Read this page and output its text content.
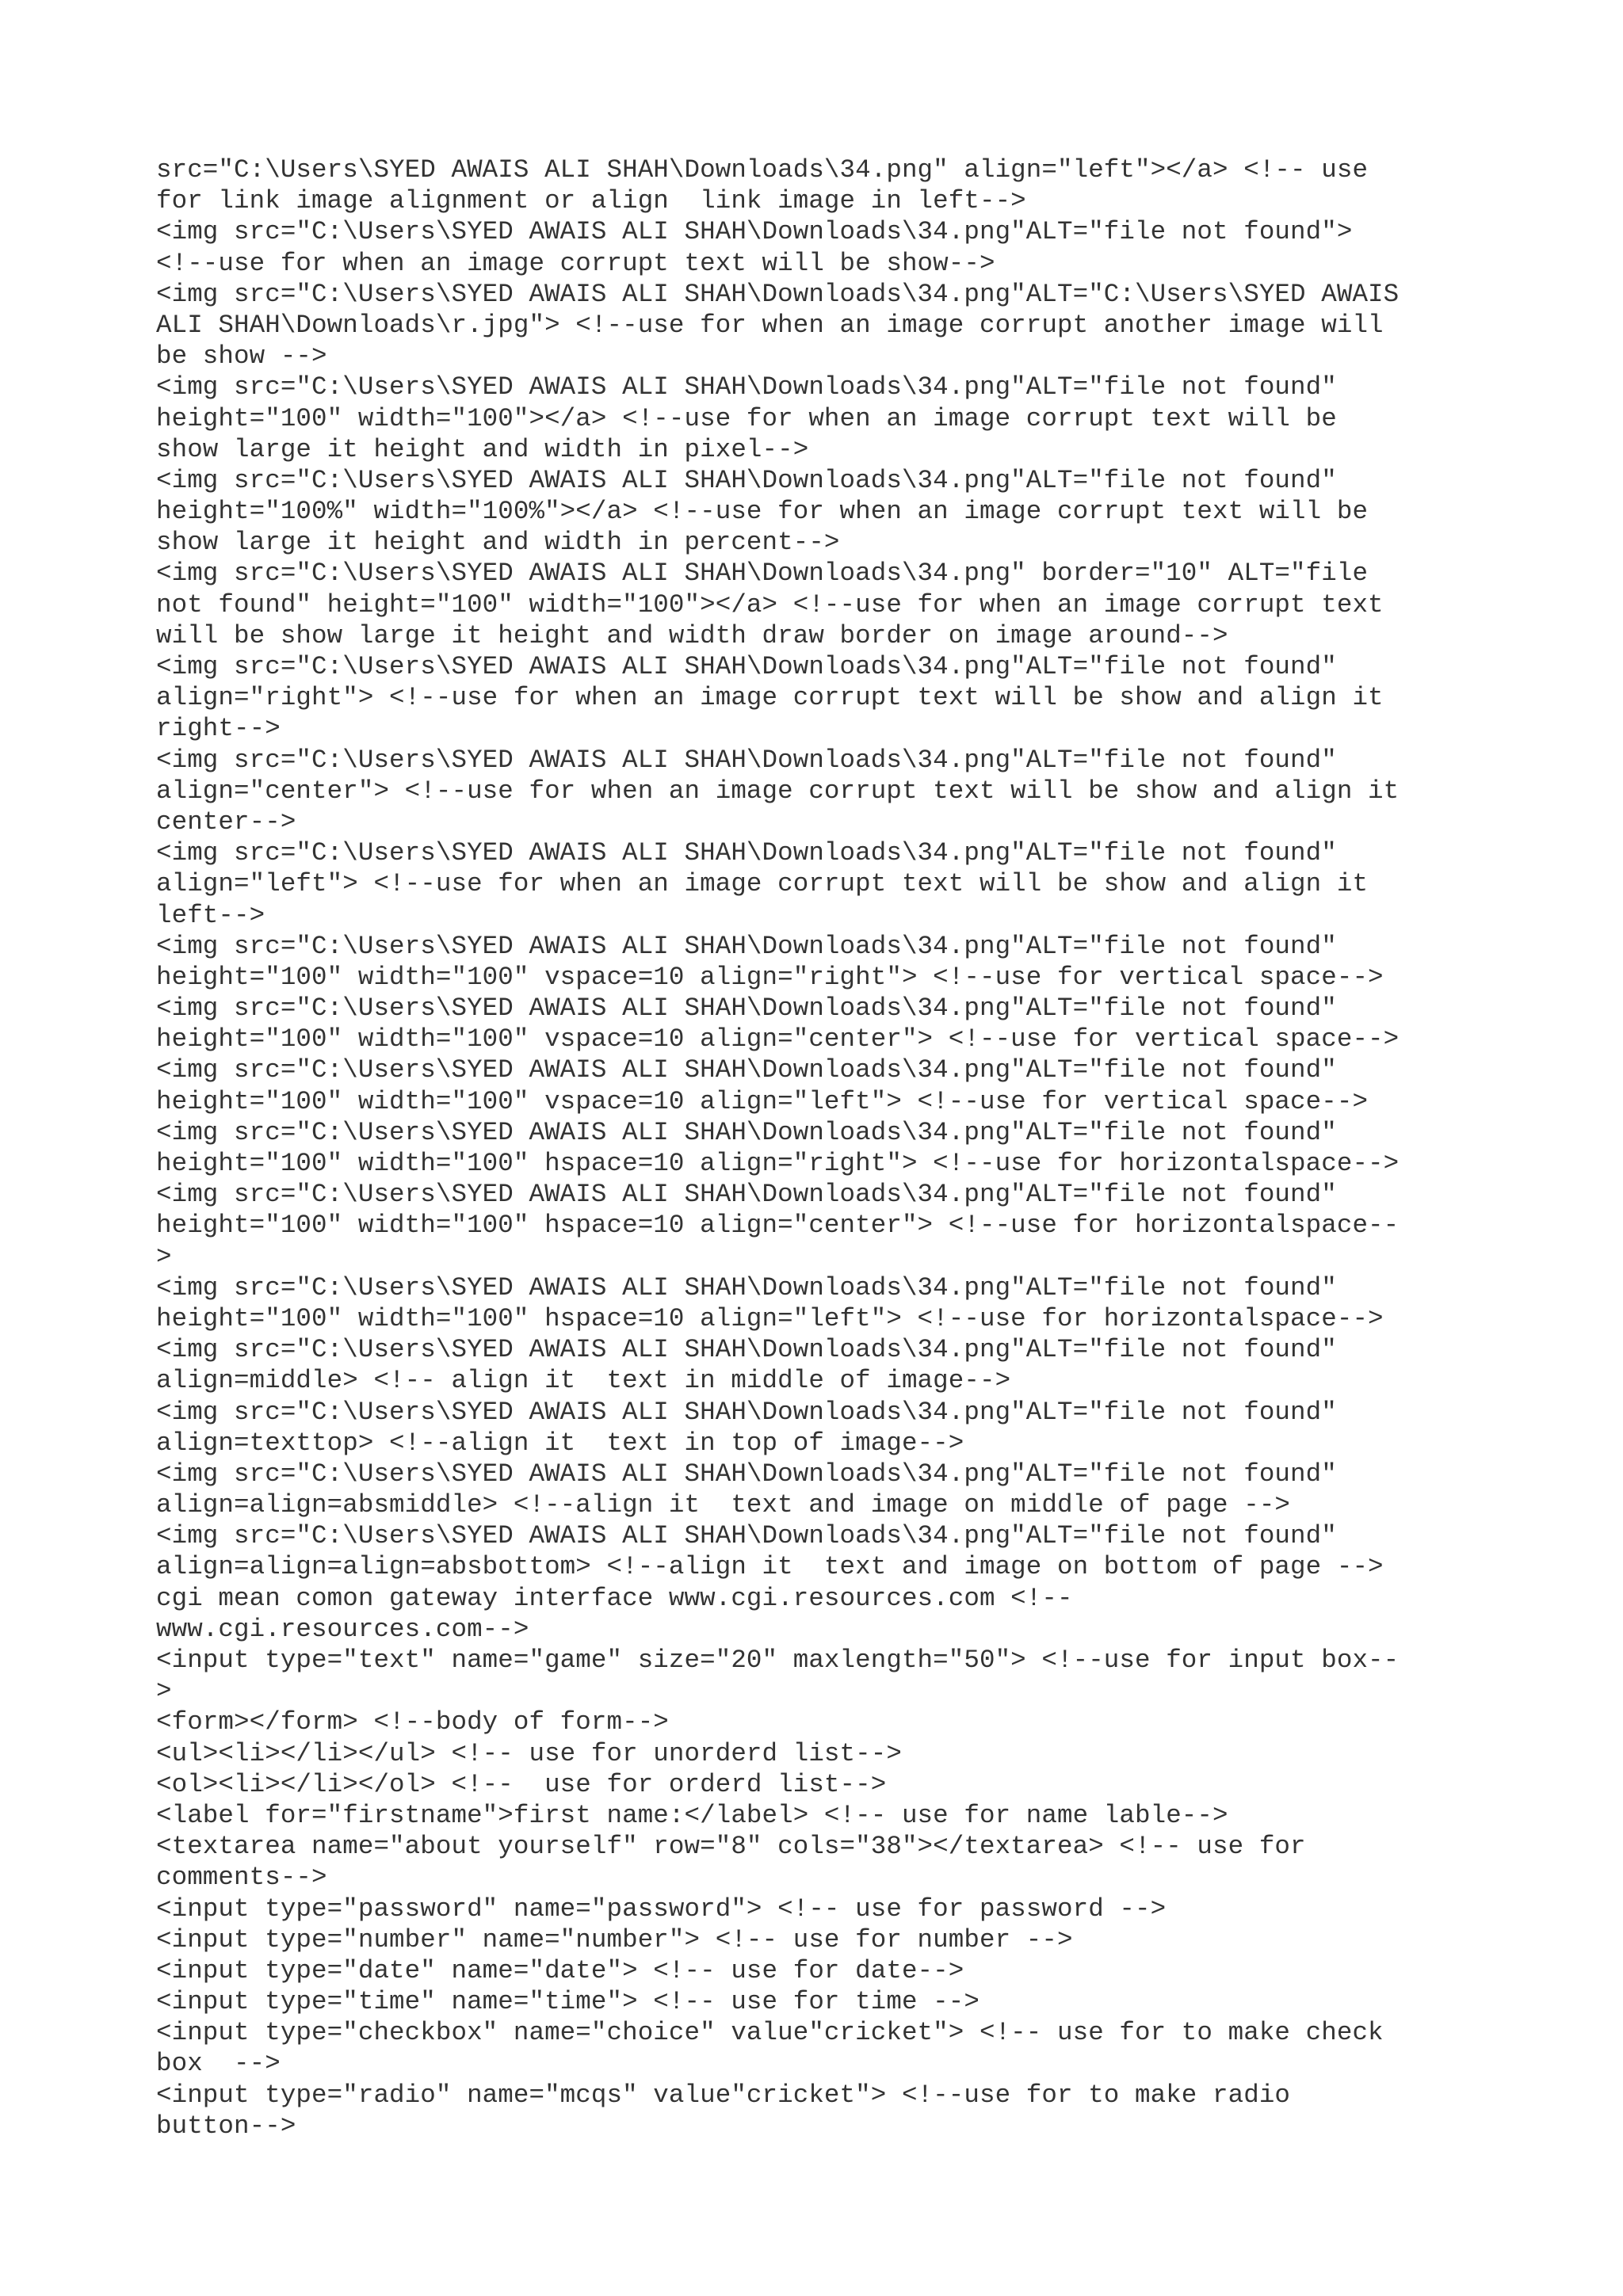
src="C:\Users\SYED AWAIS ALI SHAH\Downloads\34.png" align="left"></a> <!-- use
for link image alignment or align  link image in left-->
<img src="C:\Users\SYED AWAIS ALI SHAH\Downloads\34.png"ALT="file not found">
<!--use for when an image corrupt text will be show-->
<img src="C:\Users\SYED AWAIS ALI SHAH\Downloads\34.png"ALT="C:\Users\SYED AWAIS
ALI SHAH\Downloads\r.jpg"> <!--use for when an image corrupt another image will
be show -->
<img src="C:\Users\SYED AWAIS ALI SHAH\Downloads\34.png"ALT="file not found"
height="100" width="100"></a> <!--use for when an image corrupt text will be
show large it height and width in pixel-->
<img src="C:\Users\SYED AWAIS ALI SHAH\Downloads\34.png"ALT="file not found"
height="100%" width="100%"></a> <!--use for when an image corrupt text will be
show large it height and width in percent-->
<img src="C:\Users\SYED AWAIS ALI SHAH\Downloads\34.png" border="10" ALT="file
not found" height="100" width="100"></a> <!--use for when an image corrupt text
will be show large it height and width draw border on image around-->
<img src="C:\Users\SYED AWAIS ALI SHAH\Downloads\34.png"ALT="file not found"
align="right"> <!--use for when an image corrupt text will be show and align it
right-->
<img src="C:\Users\SYED AWAIS ALI SHAH\Downloads\34.png"ALT="file not found"
align="center"> <!--use for when an image corrupt text will be show and align it
center-->
<img src="C:\Users\SYED AWAIS ALI SHAH\Downloads\34.png"ALT="file not found"
align="left"> <!--use for when an image corrupt text will be show and align it
left-->
<img src="C:\Users\SYED AWAIS ALI SHAH\Downloads\34.png"ALT="file not found"
height="100" width="100" vspace=10 align="right"> <!--use for vertical space-->
<img src="C:\Users\SYED AWAIS ALI SHAH\Downloads\34.png"ALT="file not found"
height="100" width="100" vspace=10 align="center"> <!--use for vertical space-->
<img src="C:\Users\SYED AWAIS ALI SHAH\Downloads\34.png"ALT="file not found"
height="100" width="100" vspace=10 align="left"> <!--use for vertical space-->
<img src="C:\Users\SYED AWAIS ALI SHAH\Downloads\34.png"ALT="file not found"
height="100" width="100" hspace=10 align="right"> <!--use for horizontalspace-->
<img src="C:\Users\SYED AWAIS ALI SHAH\Downloads\34.png"ALT="file not found"
height="100" width="100" hspace=10 align="center"> <!--use for horizontalspace--
>
<img src="C:\Users\SYED AWAIS ALI SHAH\Downloads\34.png"ALT="file not found"
height="100" width="100" hspace=10 align="left"> <!--use for horizontalspace-->
<img src="C:\Users\SYED AWAIS ALI SHAH\Downloads\34.png"ALT="file not found"
align=middle> <!-- align it  text in middle of image-->
<img src="C:\Users\SYED AWAIS ALI SHAH\Downloads\34.png"ALT="file not found"
align=texttop> <!--align it  text in top of image-->
<img src="C:\Users\SYED AWAIS ALI SHAH\Downloads\34.png"ALT="file not found"
align=align=absmiddle> <!--align it  text and image on middle of page -->
<img src="C:\Users\SYED AWAIS ALI SHAH\Downloads\34.png"ALT="file not found"
align=align=align=absbottom> <!--align it  text and image on bottom of page -->
cgi mean comon gateway interface www.cgi.resources.com <!--
www.cgi.resources.com-->
<input type="text" name="game" size="20" maxlength="50"> <!--use for input box--
>
<form></form> <!--body of form-->
<ul><li></li></ul> <!-- use for unorderd list-->
<ol><li></li></ol> <!--  use for orderd list-->
<label for="firstname">first name:</label> <!-- use for name lable-->
<textarea name="about yourself" row="8" cols="38"></textarea> <!-- use for
comments-->
<input type="password" name="password"> <!-- use for password -->
<input type="number" name="number"> <!-- use for number -->
<input type="date" name="date"> <!-- use for date-->
<input type="time" name="time"> <!-- use for time -->
<input type="checkbox" name="choice" value"cricket"> <!-- use for to make check
box  -->
<input type="radio" name="mcqs" value"cricket"> <!--use for to make radio
button-->
